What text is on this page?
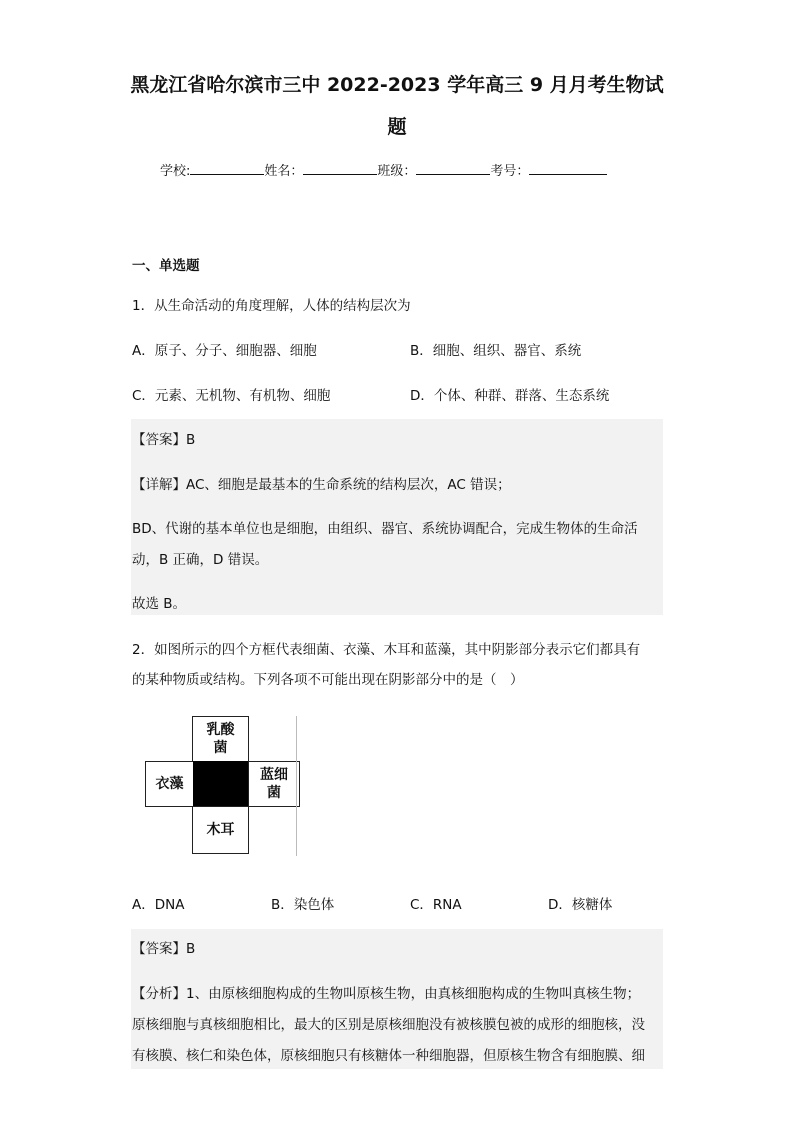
黑龙江省哈尔滨市三中 2022-2023 学年高三 9 月月考生物试
题
学校:	姓名：	班级：	考号：
一、单选题
1．从生命活动的角度理解，人体的结构层次为
A．原子、分子、细胞器、细胞	B．细胞、组织、器官、系统
C．元素、无机物、有机物、细胞	D．个体、种群、群落、生态系统
【答案】B
【详解】AC、细胞是最基本的生命系统的结构层次，AC 错误；
BD、代谢的基本单位也是细胞，由组织、器官、系统协调配合，完成生物体的生命活
动，B 正确，D 错误。
故选 B。
2．如图所示的四个方框代表细菌、衣藻、木耳和蓝藻，其中阴影部分表示它们都具有
的某种物质或结构。下列各项不可能出现在阴影部分中的是（　）
乳酸菌
衣藻
蓝细菌
木耳
A．DNA	B．染色体	C．RNA	D．核糖体
【答案】B
【分析】1、由原核细胞构成的生物叫原核生物，由真核细胞构成的生物叫真核生物；
原核细胞与真核细胞相比，最大的区别是原核细胞没有被核膜包被的成形的细胞核，没
有核膜、核仁和染色体，原核细胞只有核糖体一种细胞器，但原核生物含有细胞膜、细
